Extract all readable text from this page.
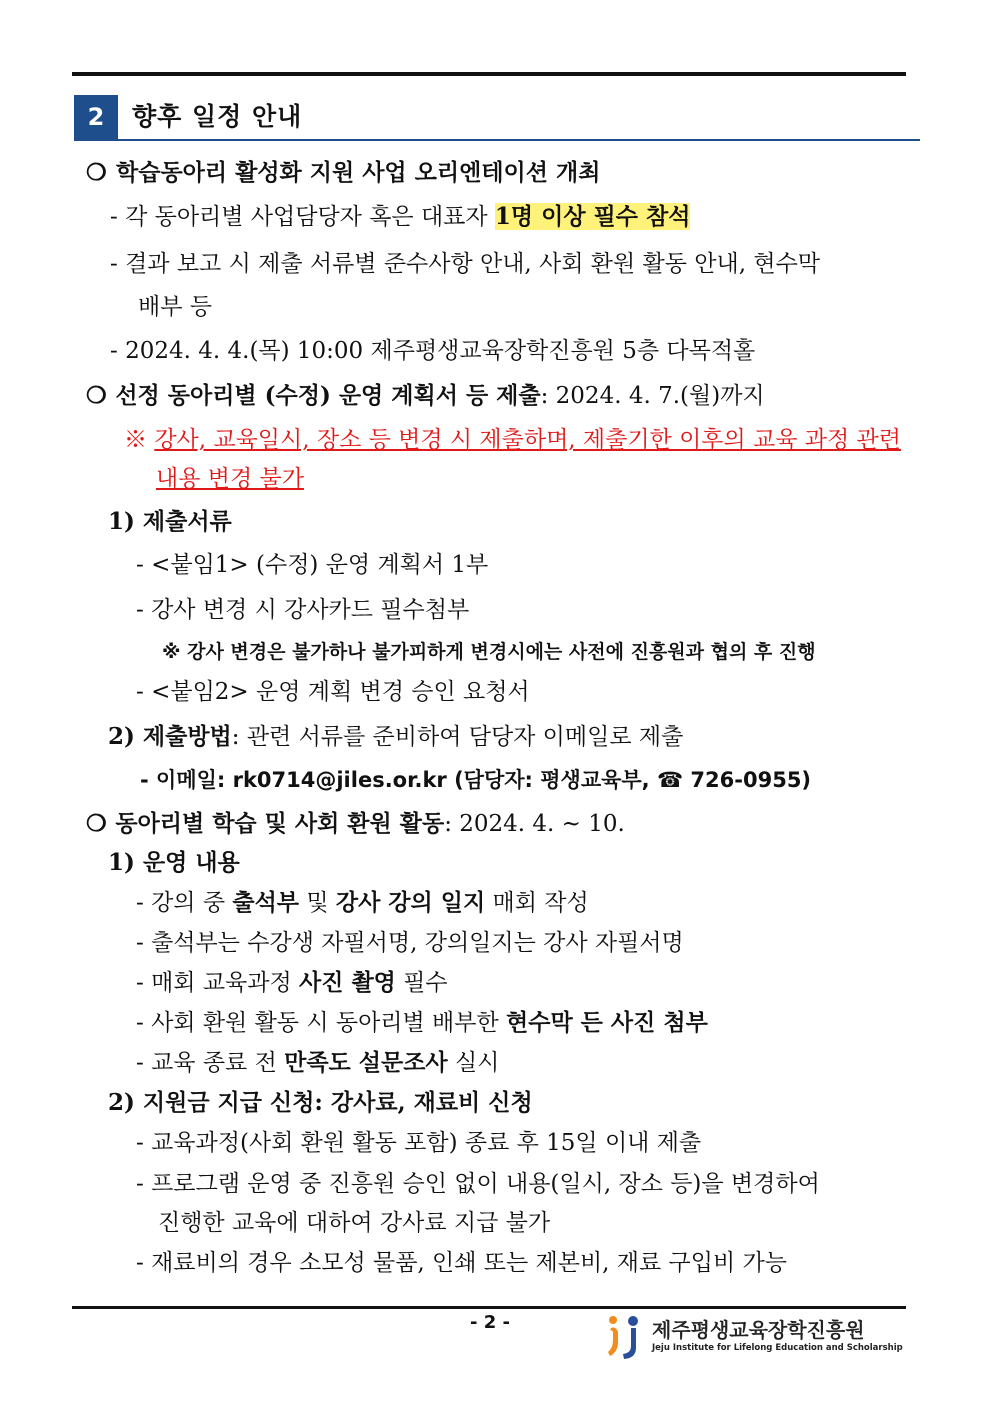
2	향후 일정 안내
❍ 학습동아리 활성화 지원 사업 오리엔테이션 개최
- 각 동아리별 사업담당자 혹은 대표자 1명 이상 필수 참석
- 결과 보고 시 제출 서류별 준수사항 안내, 사회 환원 활동 안내, 현수막
배부 등
- 2024. 4. 4.(목) 10:00 제주평생교육장학진흥원 5층 다목적홀
❍ 선정 동아리별 (수정) 운영 계획서 등 제출: 2024. 4. 7.(월)까지
※ 강사, 교육일시, 장소 등 변경 시 제출하며, 제출기한 이후의 교육 과정 관련
내용 변경 불가
1) 제출서류
- <붙임1> (수정) 운영 계획서 1부
- 강사 변경 시 강사카드 필수첨부
※ 강사 변경은 불가하나 불가피하게 변경시에는 사전에 진흥원과 협의 후 진행
- <붙임2> 운영 계획 변경 승인 요청서
2) 제출방법: 관련 서류를 준비하여 담당자 이메일로 제출
- 이메일: rk0714@jiles.or.kr (담당자: 평생교육부, ☎ 726-0955)
❍ 동아리별 학습 및 사회 환원 활동: 2024. 4. ~ 10.
1) 운영 내용
- 강의 중 출석부 및 강사 강의 일지 매회 작성
- 출석부는 수강생 자필서명, 강의일지는 강사 자필서명
- 매회 교육과정 사진 촬영 필수
- 사회 환원 활동 시 동아리별 배부한 현수막 든 사진 첨부
- 교육 종료 전 만족도 설문조사 실시
2) 지원금 지급 신청: 강사료, 재료비 신청
- 교육과정(사회 환원 활동 포함) 종료 후 15일 이내 제출
- 프로그램 운영 중 진흥원 승인 없이 내용(일시, 장소 등)을 변경하여
진행한 교육에 대하여 강사료 지급 불가
- 재료비의 경우 소모성 물품, 인쇄 또는 제본비, 재료 구입비 가능
- 2 -	제주평생교육장학진흥원
Jeju Institute for Lifelong Education and Scholarship
